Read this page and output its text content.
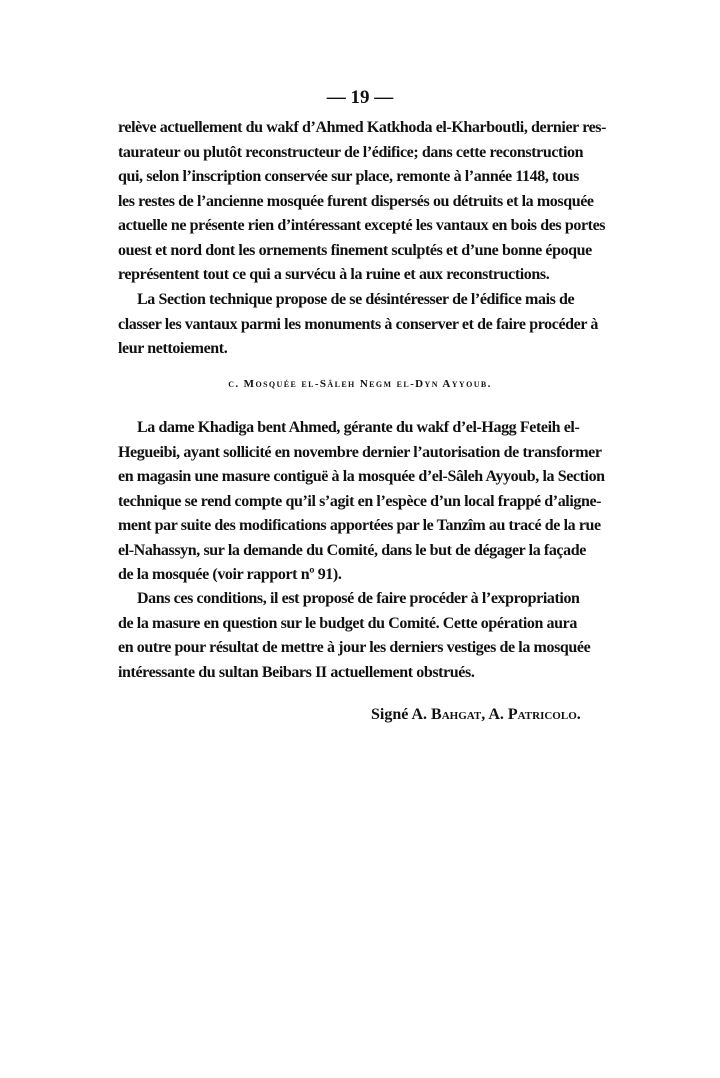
— 19 —
relève actuellement du wakf d’Ahmed Katkhoda el-Kharboutli, dernier res-
taurateur ou plutôt reconstructeur de l’édifice; dans cette reconstruction
qui, selon l’inscription conservée sur place, remonte à l’année 1148, tous
les restes de l’ancienne mosquée furent dispersés ou détruits et la mosquée
actuelle ne présente rien d’intéressant excepté les vantaux en bois des portes
ouest et nord dont les ornements finement sculptés et d’une bonne époque
représentent tout ce qui a survécu à la ruine et aux reconstructions.
La Section technique propose de se désintéresser de l’édifice mais de
classer les vantaux parmi les monuments à conserver et de faire procéder à
leur nettoiement.
c. Mosquée el-Sâleh Negm el-Dyn Ayyoub.
La dame Khadiga bent Ahmed, gérante du wakf d’el-Hagg Feteih el-
Hegueibi, ayant sollicité en novembre dernier l’autorisation de transformer
en magasin une masure contiguë à la mosquée d’el-Sâleh Ayyoub, la Section
technique se rend compte qu’il s’agit en l’espèce d’un local frappé d’aligne-
ment par suite des modifications apportées par le Tanzîm au tracé de la rue
el-Nahassyn, sur la demande du Comité, dans le but de dégager la façade
de la mosquée (voir rapport nº 91).
Dans ces conditions, il est proposé de faire procéder à l’expropriation
de la masure en question sur le budget du Comité. Cette opération aura
en outre pour résultat de mettre à jour les derniers vestiges de la mosquée
intéressante du sultan Beibars II actuellement obstrués.
Signé A. Bahgat, A. Patricolo.
